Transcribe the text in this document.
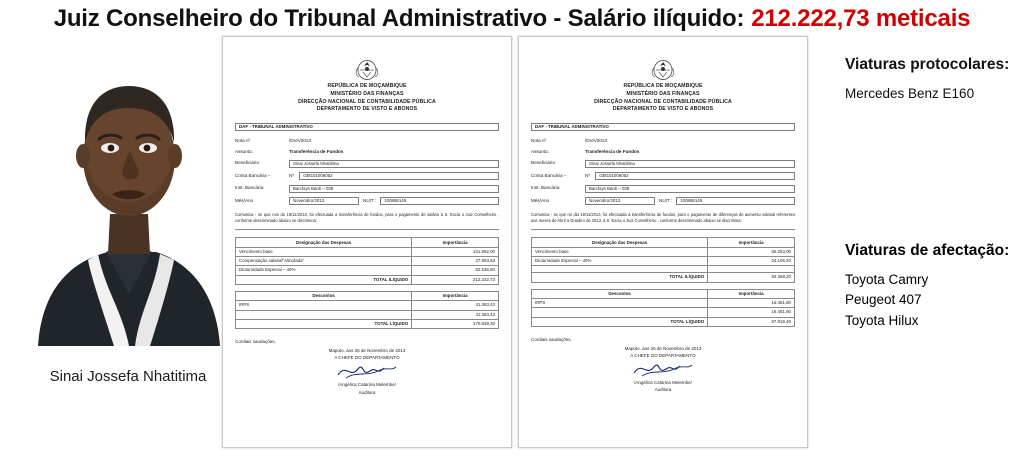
Juiz Conselheiro do Tribunal Administrativo - Salário ilíquido: 212.222,73 meticais
Sinai Jossefa Nhatitima
REPÚBLICA DE MOÇAMBIQUE
MINISTÉRIO DAS FINANÇAS
DIRECÇÃO NACIONAL DE CONTABILIDADE PÚBLICA
DEPARTAMENTO DE VISTO E ABONOS
DAF - TRIBUNAL ADMINISTRATIVO
Nota nº	/DVA/2013
Assunto:	Transferência de Fundos
Beneficiário	Sinai Jossefa Nhatitima
Conta Bancária –	Nº.	038101006052
Inst. Bancária:	Barclays Bank – 038
Mês/Ano	Novembro/2013	NUIT :	100895145
Comunica - se que nos do 19/11/2013, foi efectuada a transferência de fundos, para o pagamento de salário à S. Excia o Juiz Conselheiro , conforme descriminado abaixo se discrimina:
Designação das Despesas	Importância
Vencimento base	131.592,00
Compensação salarial"Almofada"	27.993,83
Diuturnidade Especial – 40%	52.636,80
TOTAL ILÍQUIDO	212.222,73
Descontos	Importância
IRPS	41.383,43
	41.383,43
TOTAL LÍQUIDO	170.839,30
Cordiais saudações,
Maputo, aos 26 de Novembro de 2013
A CHEFE DO DEPARTAMENTO
/Angélica Catarina Melembe/
Auditora
REPÚBLICA DE MOÇAMBIQUE
MINISTÉRIO DAS FINANÇAS
DIRECÇÃO NACIONAL DE CONTABILIDADE PÚBLICA
DEPARTAMENTO DE VISTO E ABONOS
DAF - TRIBUNAL ADMINISTRATIVO
Nota nº	/DVA/2013
Assunto:	Transferência de Fundos
Beneficiário	Sinai Jossefa Nhatitima
Conta Bancária –	Nº.	038101006052
Inst. Bancária:	Barclays Bank – 038
Mês/Ano	Novembro/2013	NUIT :	100895145
Comunica - se que no dia 19/11/2013, foi efectuada a transferência de fundos, para o pagamento de diferenças de aumento salarial referentes aos meses de Abril a Outubro de 2013, à S. Excia o Juiz Conselheiro , conforme descriminado abaixo se discrimina:
Designação das Despesas	Importância
Vencimento base	60.263,00
Diuturnidade Especial – 40%	24.105,20

TOTAL ILÍQUIDO	84.368,20
Descontos	Importância
IRPS	16.451,80
	16.451,80
TOTAL LÍQUIDO	67.916,40
Cordiais saudações,
Maputo, aos 26 de Novembro de 2013
A CHEFE DO DEPARTAMENTO
/Angélica Catarina Melembe/
Auditora
Viaturas protocolares:
Mercedes Benz E160
Viaturas de afectação:
Toyota Camry
Peugeot 407
Toyota Hilux
